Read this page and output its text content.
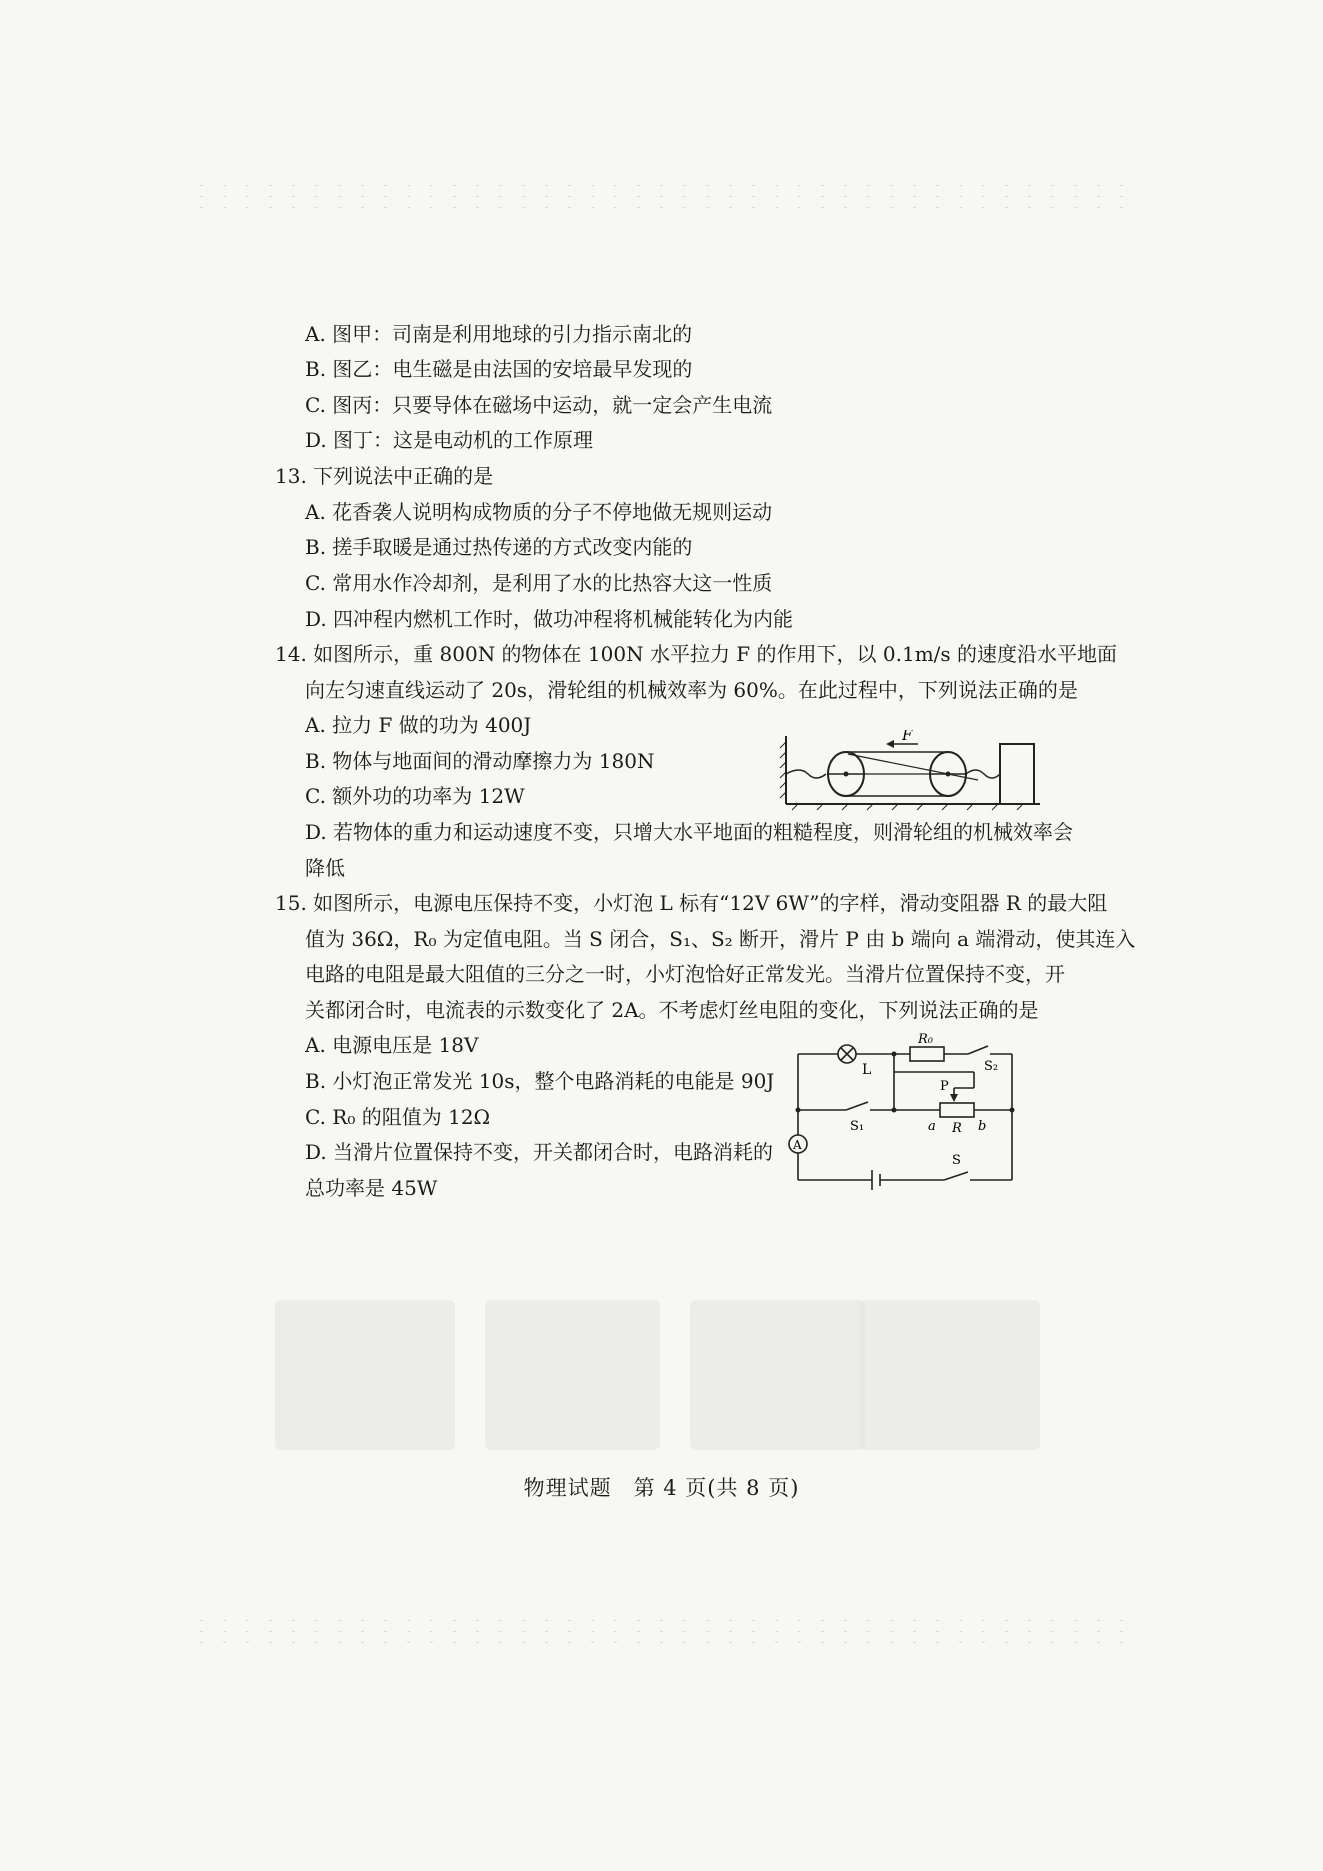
A. 图甲：司南是利用地球的引力指示南北的
B. 图乙：电生磁是由法国的安培最早发现的
C. 图丙：只要导体在磁场中运动，就一定会产生电流
D. 图丁：这是电动机的工作原理
13. 下列说法中正确的是
A. 花香袭人说明构成物质的分子不停地做无规则运动
B. 搓手取暖是通过热传递的方式改变内能的
C. 常用水作冷却剂，是利用了水的比热容大这一性质
D. 四冲程内燃机工作时，做功冲程将机械能转化为内能
14. 如图所示，重 800N 的物体在 100N 水平拉力 F 的作用下，以 0.1m/s 的速度沿水平地面
向左匀速直线运动了 20s，滑轮组的机械效率为 60%。在此过程中，下列说法正确的是
A. 拉力 F 做的功为 400J
B. 物体与地面间的滑动摩擦力为 180N
C. 额外功的功率为 12W
D. 若物体的重力和运动速度不变，只增大水平地面的粗糙程度，则滑轮组的机械效率会
降低
F
15. 如图所示，电源电压保持不变，小灯泡 L 标有“12V 6W”的字样，滑动变阻器 R 的最大阻
值为 36Ω，R₀ 为定值电阻。当 S 闭合，S₁、S₂ 断开，滑片 P 由 b 端向 a 端滑动，使其连入
电路的电阻是最大阻值的三分之一时，小灯泡恰好正常发光。当滑片位置保持不变，开
关都闭合时，电流表的示数变化了 2A。不考虑灯丝电阻的变化，下列说法正确的是
A. 电源电压是 18V
B. 小灯泡正常发光 10s，整个电路消耗的电能是 90J
C. R₀ 的阻值为 12Ω
D. 当滑片位置保持不变，开关都闭合时，电路消耗的
总功率是 45W
R₀
L	S₂
P
S₁	a R b
A
S
物理试题　第 4 页(共 8 页)
